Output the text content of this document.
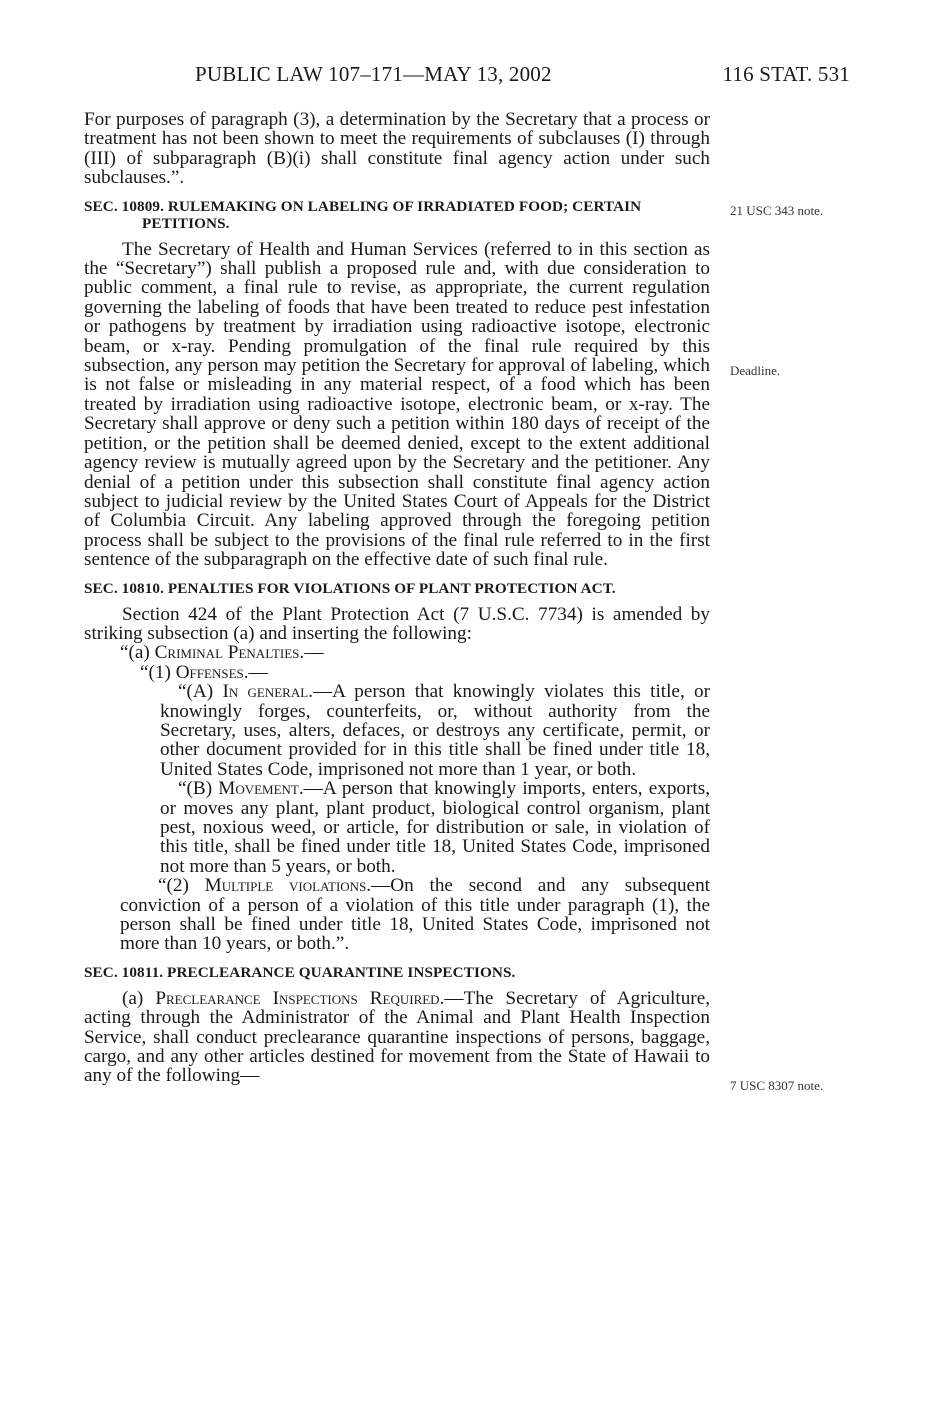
PUBLIC LAW 107–171—MAY 13, 2002	116 STAT. 531
21 USC 343 note.
Deadline.
7 USC 8307 note.

For purposes of paragraph (3), a determination by the Secretary that a process or treatment has not been shown to meet the requirements of subclauses (I) through (III) of subparagraph (B)(i) shall constitute final agency action under such subclauses.”.

SEC. 10809. RULEMAKING ON LABELING OF IRRADIATED FOOD; CERTAIN PETITIONS.

The Secretary of Health and Human Services (referred to in this section as the “Secretary”) shall publish a proposed rule and, with due consideration to public comment, a final rule to revise, as appropriate, the current regulation governing the labeling of foods that have been treated to reduce pest infestation or pathogens by treatment by irradiation using radioactive isotope, electronic beam, or x-ray. Pending promulgation of the final rule required by this subsection, any person may petition the Secretary for approval of labeling, which is not false or misleading in any material respect, of a food which has been treated by irradiation using radioactive isotope, electronic beam, or x-ray. The Secretary shall approve or deny such a petition within 180 days of receipt of the petition, or the petition shall be deemed denied, except to the extent additional agency review is mutually agreed upon by the Secretary and the petitioner. Any denial of a petition under this subsection shall constitute final agency action subject to judicial review by the United States Court of Appeals for the District of Columbia Circuit. Any labeling approved through the foregoing petition process shall be subject to the provisions of the final rule referred to in the first sentence of the subparagraph on the effective date of such final rule.

SEC. 10810. PENALTIES FOR VIOLATIONS OF PLANT PROTECTION ACT.

Section 424 of the Plant Protection Act (7 U.S.C. 7734) is amended by striking subsection (a) and inserting the following:

“(a) Criminal Penalties.—

“(1) Offenses.—

“(A) In general.—A person that knowingly violates this title, or knowingly forges, counterfeits, or, without authority from the Secretary, uses, alters, defaces, or destroys any certificate, permit, or other document provided for in this title shall be fined under title 18, United States Code, imprisoned not more than 1 year, or both.

“(B) Movement.—A person that knowingly imports, enters, exports, or moves any plant, plant product, biological control organism, plant pest, noxious weed, or article, for distribution or sale, in violation of this title, shall be fined under title 18, United States Code, imprisoned not more than 5 years, or both.

“(2) Multiple violations.—On the second and any subsequent conviction of a person of a violation of this title under paragraph (1), the person shall be fined under title 18, United States Code, imprisoned not more than 10 years, or both.”.

SEC. 10811. PRECLEARANCE QUARANTINE INSPECTIONS.

(a) Preclearance Inspections Required.—The Secretary of Agriculture, acting through the Administrator of the Animal and Plant Health Inspection Service, shall conduct preclearance quarantine inspections of persons, baggage, cargo, and any other articles destined for movement from the State of Hawaii to any of the following—
